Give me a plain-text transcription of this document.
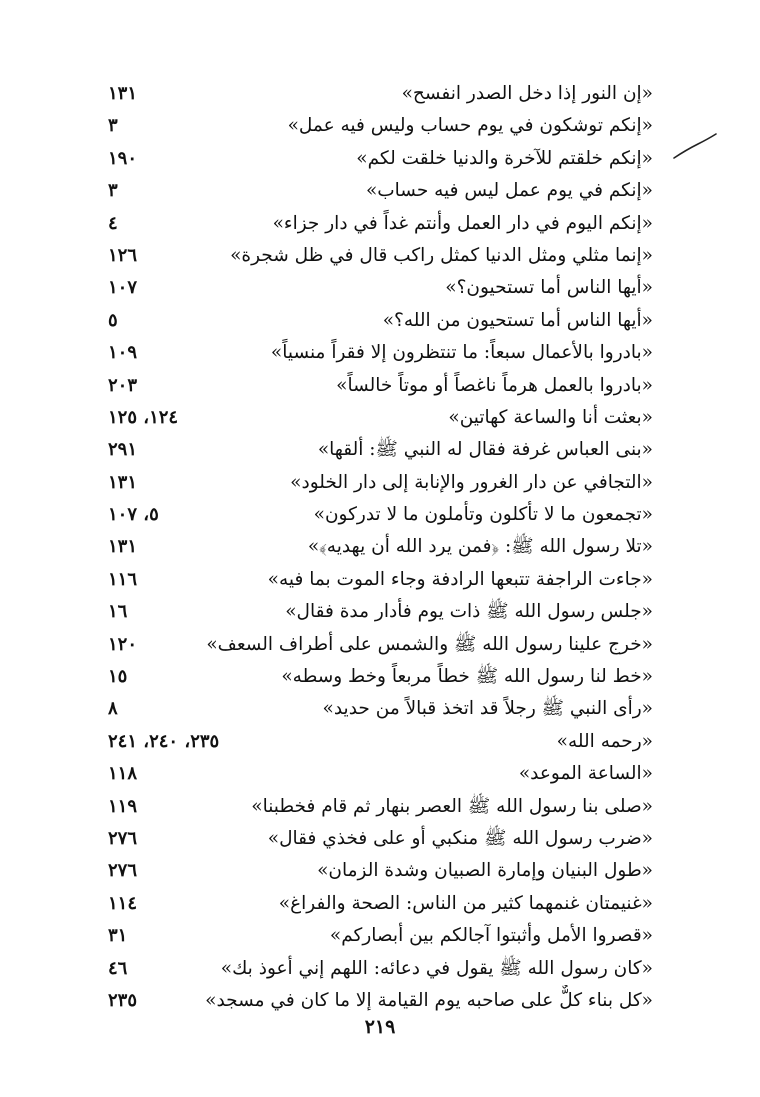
«إن النور إذا دخل الصدر انفسح»
١٣١
«إنكم توشكون في يوم حساب وليس فيه عمل»
٣
«إنكم خلقتم للآخرة والدنيا خلقت لكم»
١٩٠
«إنكم في يوم عمل ليس فيه حساب»
٣
«إنكم اليوم في دار العمل وأنتم غداً في دار جزاء»
٤
«إنما مثلي ومثل الدنيا كمثل راكب قال في ظل شجرة»
١٢٦
«أيها الناس أما تستحيون؟»
١٠٧
«أيها الناس أما تستحيون من الله؟»
٥
«بادروا بالأعمال سبعاً: ما تنتظرون إلا فقراً منسياً»
١٠٩
«بادروا بالعمل هرماً ناغصاً أو موتاً خالساً»
٢٠٣
«بعثت أنا والساعة كهاتين»
١٢٤، ١٢٥
«بنى العباس غرفة فقال له النبي ﷺ: ألقها»
٢٩١
«التجافي عن دار الغرور والإنابة إلى دار الخلود»
١٣١
«تجمعون ما لا تأكلون وتأملون ما لا تدركون»
٥، ١٠٧
«تلا رسول الله ﷺ: ﴿فمن يرد الله أن يهديه﴾»
١٣١
«جاءت الراجفة تتبعها الرادفة وجاء الموت بما فيه»
١١٦
«جلس رسول الله ﷺ ذات يوم فأدار مدة فقال»
١٦
«خرج علينا رسول الله ﷺ والشمس على أطراف السعف»
١٢٠
«خط لنا رسول الله ﷺ خطاً مربعاً وخط وسطه»
١٥
«رأى النبي ﷺ رجلاً قد اتخذ قبالاً من حديد»
٨
«رحمه الله»
٢٣٥، ٢٤٠، ٢٤١
«الساعة الموعد»
١١٨
«صلى بنا رسول الله ﷺ العصر بنهار ثم قام فخطبنا»
١١٩
«ضرب رسول الله ﷺ منكبي أو على فخذي فقال»
٢٧٦
«طول البنيان وإمارة الصبيان وشدة الزمان»
٢٧٦
«غنيمتان غنمهما كثير من الناس: الصحة والفراغ»
١١٤
«قصروا الأمل وأثبتوا آجالكم بين أبصاركم»
٣١
«كان رسول الله ﷺ يقول في دعائه: اللهم إني أعوذ بك»
٤٦
«كل بناء كلٌّ على صاحبه يوم القيامة إلا ما كان في مسجد»
٢٣٥
٢١٩
